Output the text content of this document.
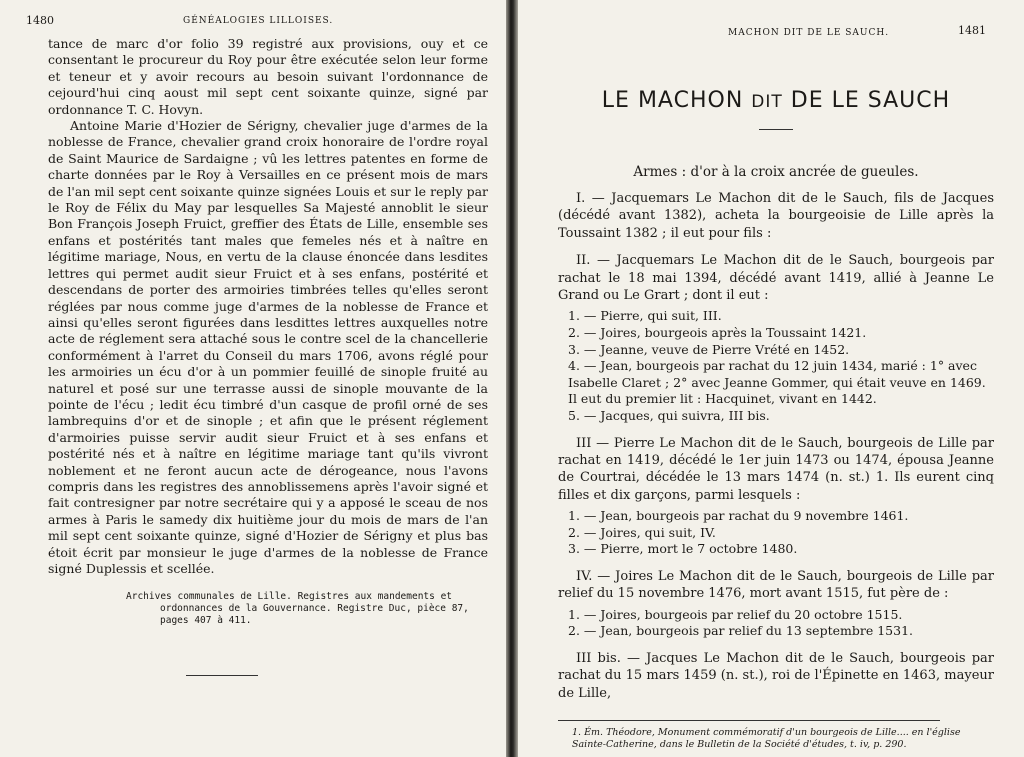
1480	GÉNÉALOGIES LILLOISES.

tance de marc d'or folio 39 registré aux provisions, ouy et ce consentant le procureur du Roy pour être exécutée selon leur forme et teneur et y avoir recours au besoin suivant l'ordonnance de cejourd'hui cinq aoust mil sept cent soixante quinze, signé par ordonnance T. C. Hovyn.

Antoine Marie d'Hozier de Sérigny, chevalier juge d'armes de la noblesse de France, chevalier grand croix honoraire de l'ordre royal de Saint Maurice de Sardaigne ; vû les lettres patentes en forme de charte données par le Roy à Versailles en ce présent mois de mars de l'an mil sept cent soixante quinze signées Louis et sur le reply par le Roy de Félix du May par lesquelles Sa Majesté annoblit le sieur Bon François Joseph Fruict, greffier des États de Lille, ensemble ses enfans et postérités tant males que femeles nés et à naître en légitime mariage, Nous, en vertu de la clause énoncée dans lesdites lettres qui permet audit sieur Fruict et à ses enfans, postérité et descendans de porter des armoiries timbrées telles qu'elles seront réglées par nous comme juge d'armes de la noblesse de France et ainsi qu'elles seront figurées dans lesdittes lettres auxquelles notre acte de réglement sera attaché sous le contre scel de la chancellerie conformément à l'arret du Conseil du mars 1706, avons réglé pour les armoiries un écu d'or à un pommier feuillé de sinople fruité au naturel et posé sur une terrasse aussi de sinople mouvante de la pointe de l'écu ; ledit écu timbré d'un casque de profil orné de ses lambrequins d'or et de sinople ; et afin que le présent réglement d'armoiries puisse servir audit sieur Fruict et à ses enfans et postérité nés et à naître en légitime mariage tant qu'ils vivront noblement et ne feront aucun acte de dérogeance, nous l'avons compris dans les registres des annoblissemens après l'avoir signé et fait contresigner par notre secrétaire qui y a apposé le sceau de nos armes à Paris le samedy dix huitième jour du mois de mars de l'an mil sept cent soixante quinze, signé d'Hozier de Sérigny et plus bas étoit écrit par monsieur le juge d'armes de la noblesse de France signé Duplessis et scellée.

Archives communales de Lille. Registres aux mandements et
ordonnances de la Gouvernance. Registre Duc, pièce 87,
pages 407 à 411.
MACHON DIT DE LE SAUCH.	1481
LE MACHON DIT DE LE SAUCH
Armes : d'or à la croix ancrée de gueules.

I. — Jacquemars Le Machon dit de le Sauch, fils de Jacques (décédé avant 1382), acheta la bourgeoisie de Lille après la Toussaint 1382 ; il eut pour fils :

II. — Jacquemars Le Machon dit de le Sauch, bourgeois par rachat le 18 mai 1394, décédé avant 1419, allié à Jeanne Le Grand ou Le Grart ; dont il eut :

1. — Pierre, qui suit, III.
2. — Joires, bourgeois après la Toussaint 1421.
3. — Jeanne, veuve de Pierre Vrété en 1452.
4. — Jean, bourgeois par rachat du 12 juin 1434, marié : 1° avec Isabelle Claret ; 2° avec Jeanne Gommer, qui était veuve en 1469. Il eut du premier lit : Hacquinet, vivant en 1442.
5. — Jacques, qui suivra, III bis.

III — Pierre Le Machon dit de le Sauch, bourgeois de Lille par rachat en 1419, décédé le 1er juin 1473 ou 1474, épousa Jeanne de Courtrai, décédée le 13 mars 1474 (n. st.) 1. Ils eurent cinq filles et dix garçons, parmi lesquels :

1. — Jean, bourgeois par rachat du 9 novembre 1461.
2. — Joires, qui suit, IV.
3. — Pierre, mort le 7 octobre 1480.

IV. — Joires Le Machon dit de le Sauch, bourgeois de Lille par relief du 15 novembre 1476, mort avant 1515, fut père de :

1. — Joires, bourgeois par relief du 20 octobre 1515.
2. — Jean, bourgeois par relief du 13 septembre 1531.

III bis. — Jacques Le Machon dit de le Sauch, bourgeois par rachat du 15 mars 1459 (n. st.), roi de l'Épinette en 1463, mayeur de Lille,

1. Ém. Théodore, Monument commémoratif d'un bourgeois de Lille.... en l'église Sainte-Catherine, dans le Bulletin de la Société d'études, t. iv, p. 290.
